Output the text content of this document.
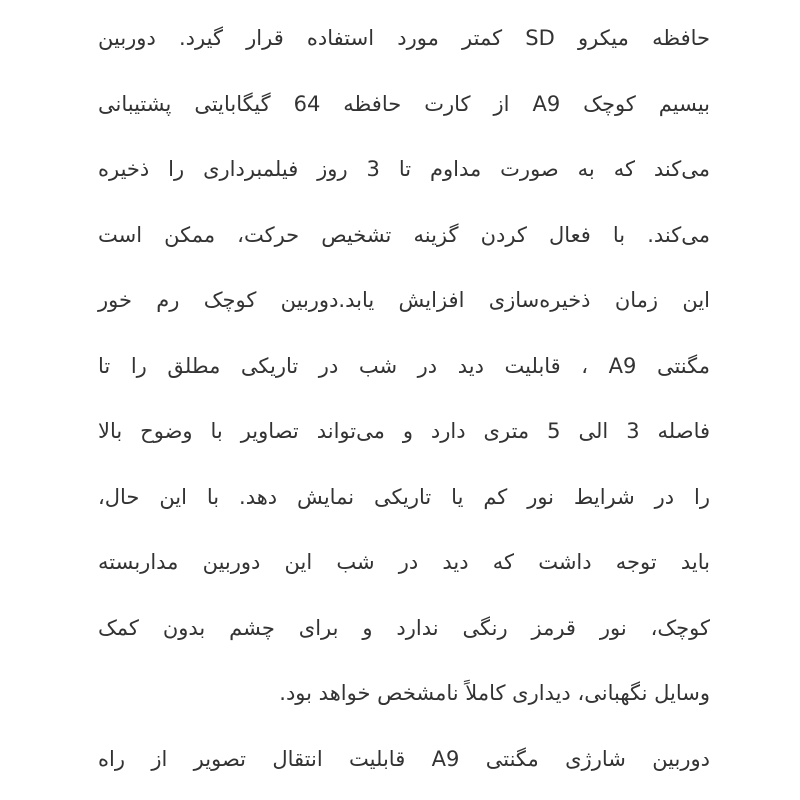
حافظه میکرو SD کمتر مورد استفاده قرار گیرد. دوربین
بیسیم کوچک A9 از کارت حافظه 64 گیگابایتی پشتیبانی
می‌کند که به صورت مداوم تا 3 روز فیلمبرداری را ذخیره
می‌کند. با فعال کردن گزینه تشخیص حرکت، ممکن است
این زمان ذخیره‌سازی افزایش یابد.دوربین کوچک رم خور
مگنتی A9 ، قابلیت دید در شب در تاریکی مطلق را تا
فاصله 3 الی 5 متری دارد و می‌تواند تصاویر با وضوح بالا
را در شرایط نور کم یا تاریکی نمایش دهد. با این حال،
باید توجه داشت که دید در شب این دوربین مداربسته
کوچک، نور قرمز رنگی ندارد و برای چشم بدون کمک
وسایل نگهبانی، دیداری کاملاً نامشخص خواهد بود.

دوربین شارژی مگنتی A9 قابلیت انتقال تصویر از راه
